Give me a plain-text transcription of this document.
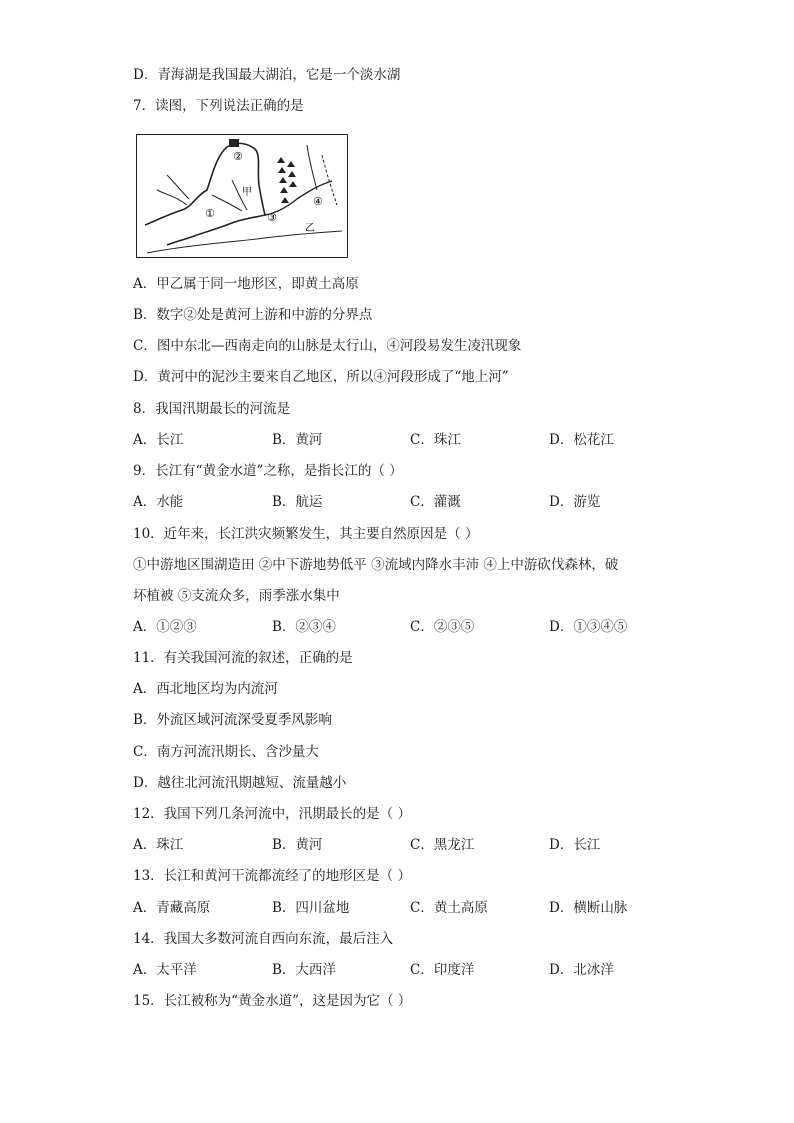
D．青海湖是我国最大湖泊，它是一个淡水湖
7．读图，下列说法正确的是
②
甲
①	③
④
乙
A．甲乙属于同一地形区，即黄土高原
B．数字②处是黄河上游和中游的分界点
C．图中东北—西南走向的山脉是太行山，④河段易发生凌汛现象
D．黄河中的泥沙主要来自乙地区，所以④河段形成了“地上河”
8．我国汛期最长的河流是
A．长江	B．黄河	C．珠江	D．松花江
9．长江有“黄金水道”之称，是指长江的（ ）
A．水能	B．航运	C．灌溉	D．游览
10．近年来，长江洪灾频繁发生，其主要自然原因是（ ）
①中游地区围湖造田 ②中下游地势低平 ③流域内降水丰沛 ④上中游砍伐森林，破
坏植被 ⑤支流众多，雨季涨水集中
A．①②③	B．②③④	C．②③⑤	D．①③④⑤
11．有关我国河流的叙述，正确的是
A．西北地区均为内流河
B．外流区域河流深受夏季风影响
C．南方河流汛期长、含沙量大
D．越往北河流汛期越短、流量越小
12．我国下列几条河流中，汛期最长的是（ ）
A．珠江	B．黄河	C．黑龙江	D．长江
13．长江和黄河干流都流经了的地形区是（ ）
A．青藏高原	B．四川盆地	C．黄土高原	D．横断山脉
14．我国大多数河流自西向东流，最后注入
A．太平洋	B．大西洋	C．印度洋	D．北冰洋
15．长江被称为“黄金水道”，这是因为它（ ）
